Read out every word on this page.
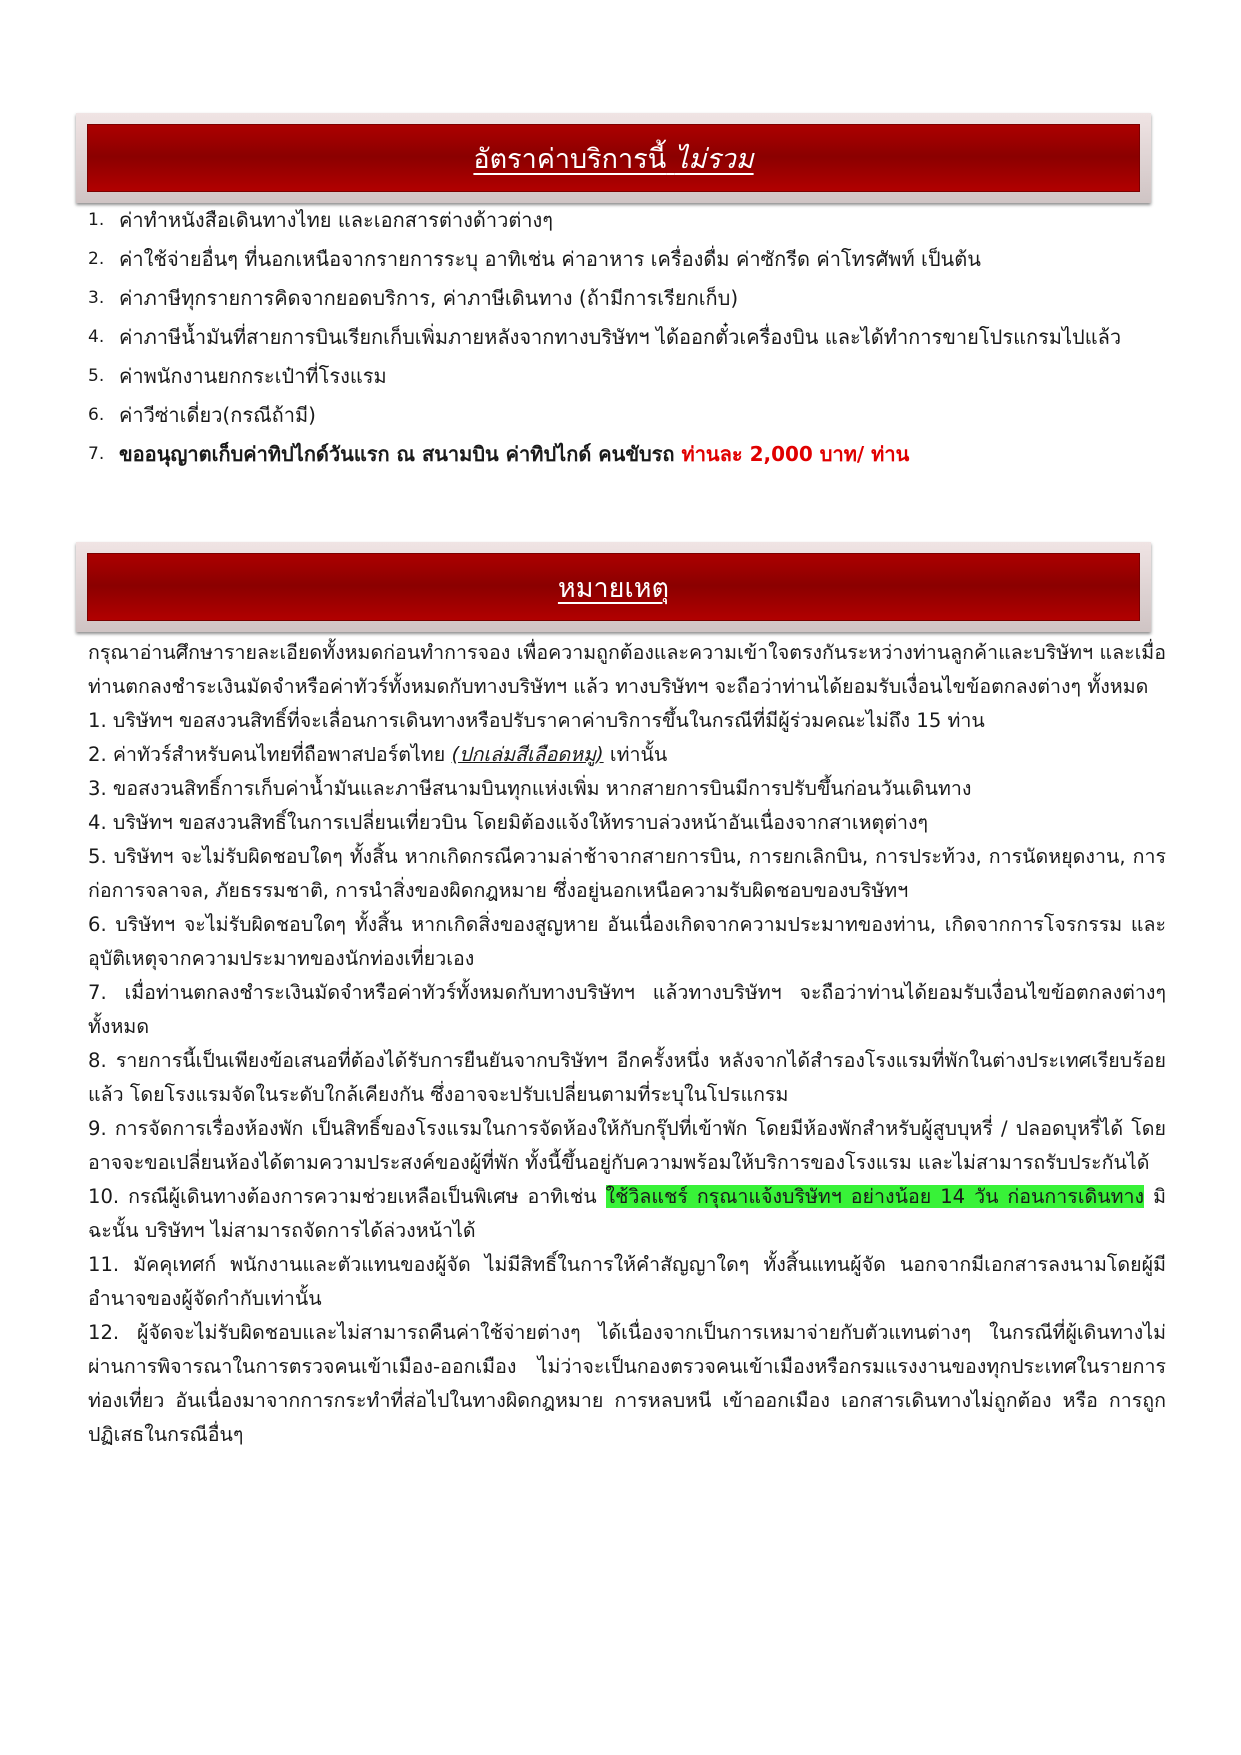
อัตราค่าบริการนี้ ไม่รวม
1. ค่าทำหนังสือเดินทางไทย และเอกสารต่างด้าวต่างๆ
2. ค่าใช้จ่ายอื่นๆ ที่นอกเหนือจากรายการระบุ อาทิเช่น ค่าอาหาร เครื่องดื่ม ค่าซักรีด ค่าโทรศัพท์ เป็นต้น
3. ค่าภาษีทุกรายการคิดจากยอดบริการ, ค่าภาษีเดินทาง (ถ้ามีการเรียกเก็บ)
4. ค่าภาษีน้ำมันที่สายการบินเรียกเก็บเพิ่มภายหลังจากทางบริษัทฯ ได้ออกตั๋วเครื่องบิน และได้ทำการขายโปรแกรมไปแล้ว
5. ค่าพนักงานยกกระเป๋าที่โรงแรม
6. ค่าวีซ่าเดี่ยว(กรณีถ้ามี)
7. ขออนุญาตเก็บค่าทิปไกด์วันแรก ณ สนามบิน ค่าทิปไกด์ คนขับรถ ท่านละ 2,000 บาท/ ท่าน
หมายเหตุ

กรุณาอ่านศึกษารายละเอียดทั้งหมดก่อนทำการจอง เพื่อความถูกต้องและความเข้าใจตรงกันระหว่างท่านลูกค้าและบริษัทฯ และเมื่อท่านตกลงชำระเงินมัดจำหรือค่าทัวร์ทั้งหมดกับทางบริษัทฯ แล้ว ทางบริษัทฯ จะถือว่าท่านได้ยอมรับเงื่อนไขข้อตกลงต่างๆ ทั้งหมด

1. บริษัทฯ ขอสงวนสิทธิ์ที่จะเลื่อนการเดินทางหรือปรับราคาค่าบริการขึ้นในกรณีที่มีผู้ร่วมคณะไม่ถึง 15 ท่าน

2. ค่าทัวร์สำหรับคนไทยที่ถือพาสปอร์ตไทย (ปกเล่มสีเลือดหมู) เท่านั้น

3. ขอสงวนสิทธิ์การเก็บค่าน้ำมันและภาษีสนามบินทุกแห่งเพิ่ม หากสายการบินมีการปรับขึ้นก่อนวันเดินทาง

4. บริษัทฯ ขอสงวนสิทธิ์ในการเปลี่ยนเที่ยวบิน โดยมิต้องแจ้งให้ทราบล่วงหน้าอันเนื่องจากสาเหตุต่างๆ

5. บริษัทฯ จะไม่รับผิดชอบใดๆ ทั้งสิ้น หากเกิดกรณีความล่าช้าจากสายการบิน, การยกเลิกบิน, การประท้วง, การนัดหยุดงาน, การก่อการจลาจล, ภัยธรรมชาติ, การนำสิ่งของผิดกฎหมาย ซึ่งอยู่นอกเหนือความรับผิดชอบของบริษัทฯ

6. บริษัทฯ จะไม่รับผิดชอบใดๆ ทั้งสิ้น หากเกิดสิ่งของสูญหาย อันเนื่องเกิดจากความประมาทของท่าน, เกิดจากการโจรกรรม และ อุบัติเหตุจากความประมาทของนักท่องเที่ยวเอง

7. เมื่อท่านตกลงชำระเงินมัดจำหรือค่าทัวร์ทั้งหมดกับทางบริษัทฯ แล้วทางบริษัทฯ จะถือว่าท่านได้ยอมรับเงื่อนไขข้อตกลงต่างๆ ทั้งหมด

8. รายการนี้เป็นเพียงข้อเสนอที่ต้องได้รับการยืนยันจากบริษัทฯ อีกครั้งหนึ่ง หลังจากได้สำรองโรงแรมที่พักในต่างประเทศเรียบร้อยแล้ว โดยโรงแรมจัดในระดับใกล้เคียงกัน ซึ่งอาจจะปรับเปลี่ยนตามที่ระบุในโปรแกรม

9. การจัดการเรื่องห้องพัก เป็นสิทธิ์ของโรงแรมในการจัดห้องให้กับกรุ๊ปที่เข้าพัก โดยมีห้องพักสำหรับผู้สูบบุหรี่ / ปลอดบุหรี่ได้ โดยอาจจะขอเปลี่ยนห้องได้ตามความประสงค์ของผู้ที่พัก ทั้งนี้ขึ้นอยู่กับความพร้อมให้บริการของโรงแรม และไม่สามารถรับประกันได้

10. กรณีผู้เดินทางต้องการความช่วยเหลือเป็นพิเศษ อาทิเช่น ใช้วิลแชร์ กรุณาแจ้งบริษัทฯ อย่างน้อย 14 วัน ก่อนการเดินทาง มิฉะนั้น บริษัทฯ ไม่สามารถจัดการได้ล่วงหน้าได้

11. มัคคุเทศก์ พนักงานและตัวแทนของผู้จัด ไม่มีสิทธิ์ในการให้คำสัญญาใดๆ ทั้งสิ้นแทนผู้จัด นอกจากมีเอกสารลงนามโดยผู้มีอำนาจของผู้จัดกำกับเท่านั้น

12. ผู้จัดจะไม่รับผิดชอบและไม่สามารถคืนค่าใช้จ่ายต่างๆ ได้เนื่องจากเป็นการเหมาจ่ายกับตัวแทนต่างๆ ในกรณีที่ผู้เดินทางไม่ผ่านการพิจารณาในการตรวจคนเข้าเมือง-ออกเมือง ไม่ว่าจะเป็นกองตรวจคนเข้าเมืองหรือกรมแรงงานของทุกประเทศในรายการท่องเที่ยว อันเนื่องมาจากการกระทำที่ส่อไปในทางผิดกฎหมาย การหลบหนี เข้าออกเมือง เอกสารเดินทางไม่ถูกต้อง หรือ การถูกปฏิเสธในกรณีอื่นๆ
